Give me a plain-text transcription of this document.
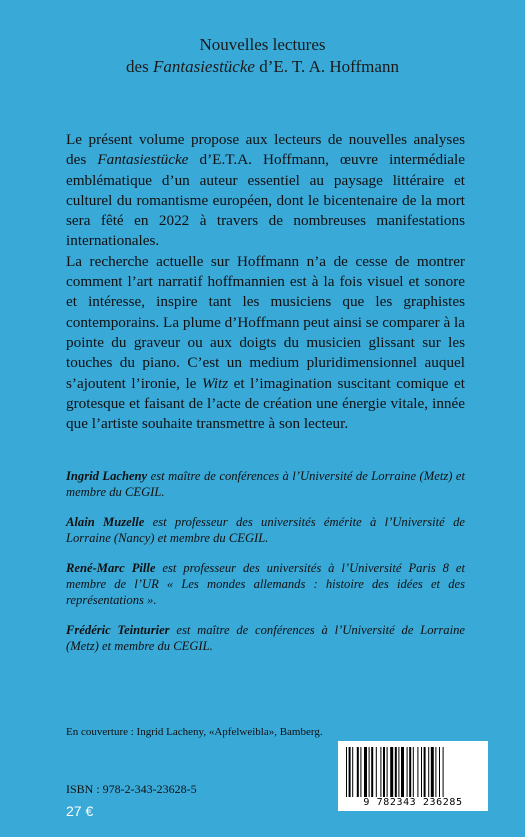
Nouvelles lectures
des Fantasiestücke d’E. T. A. Hoffmann

Le présent volume propose aux lecteurs de nouvelles analyses des Fantasiestücke d’E.T.A. Hoffmann, œuvre intermédiale emblématique d’un auteur essentiel au paysage littéraire et culturel du romantisme européen, dont le bicentenaire de la mort sera fêté en 2022 à travers de nombreuses manifestations internationales.

La recherche actuelle sur Hoffmann n’a de cesse de montrer comment l’art narratif hoffmannien est à la fois visuel et sonore et intéresse, inspire tant les musiciens que les graphistes contemporains. La plume d’Hoffmann peut ainsi se comparer à la pointe du graveur ou aux doigts du musicien glissant sur les touches du piano. C’est un medium pluridimensionnel auquel s’ajoutent l’ironie, le Witz et l’imagination suscitant comique et grotesque et faisant de l’acte de création une énergie vitale, innée que l’artiste souhaite transmettre à son lecteur.

Ingrid Lacheny est maître de conférences à l’Université de Lorraine (Metz) et membre du CEGIL.

Alain Muzelle est professeur des universités émérite à l’Université de Lorraine (Nancy) et membre du CEGIL.

René-Marc Pille est professeur des universités à l’Université Paris 8 et membre de l’UR « Les mondes allemands : histoire des idées et des représentations ».

Frédéric Teinturier est maître de conférences à l’Université de Lorraine (Metz) et membre du CEGIL.

En couverture : Ingrid Lacheny, «Apfelweibla», Bamberg.
ISBN : 978-2-343-23628-5
27 €
9 782343 236285
